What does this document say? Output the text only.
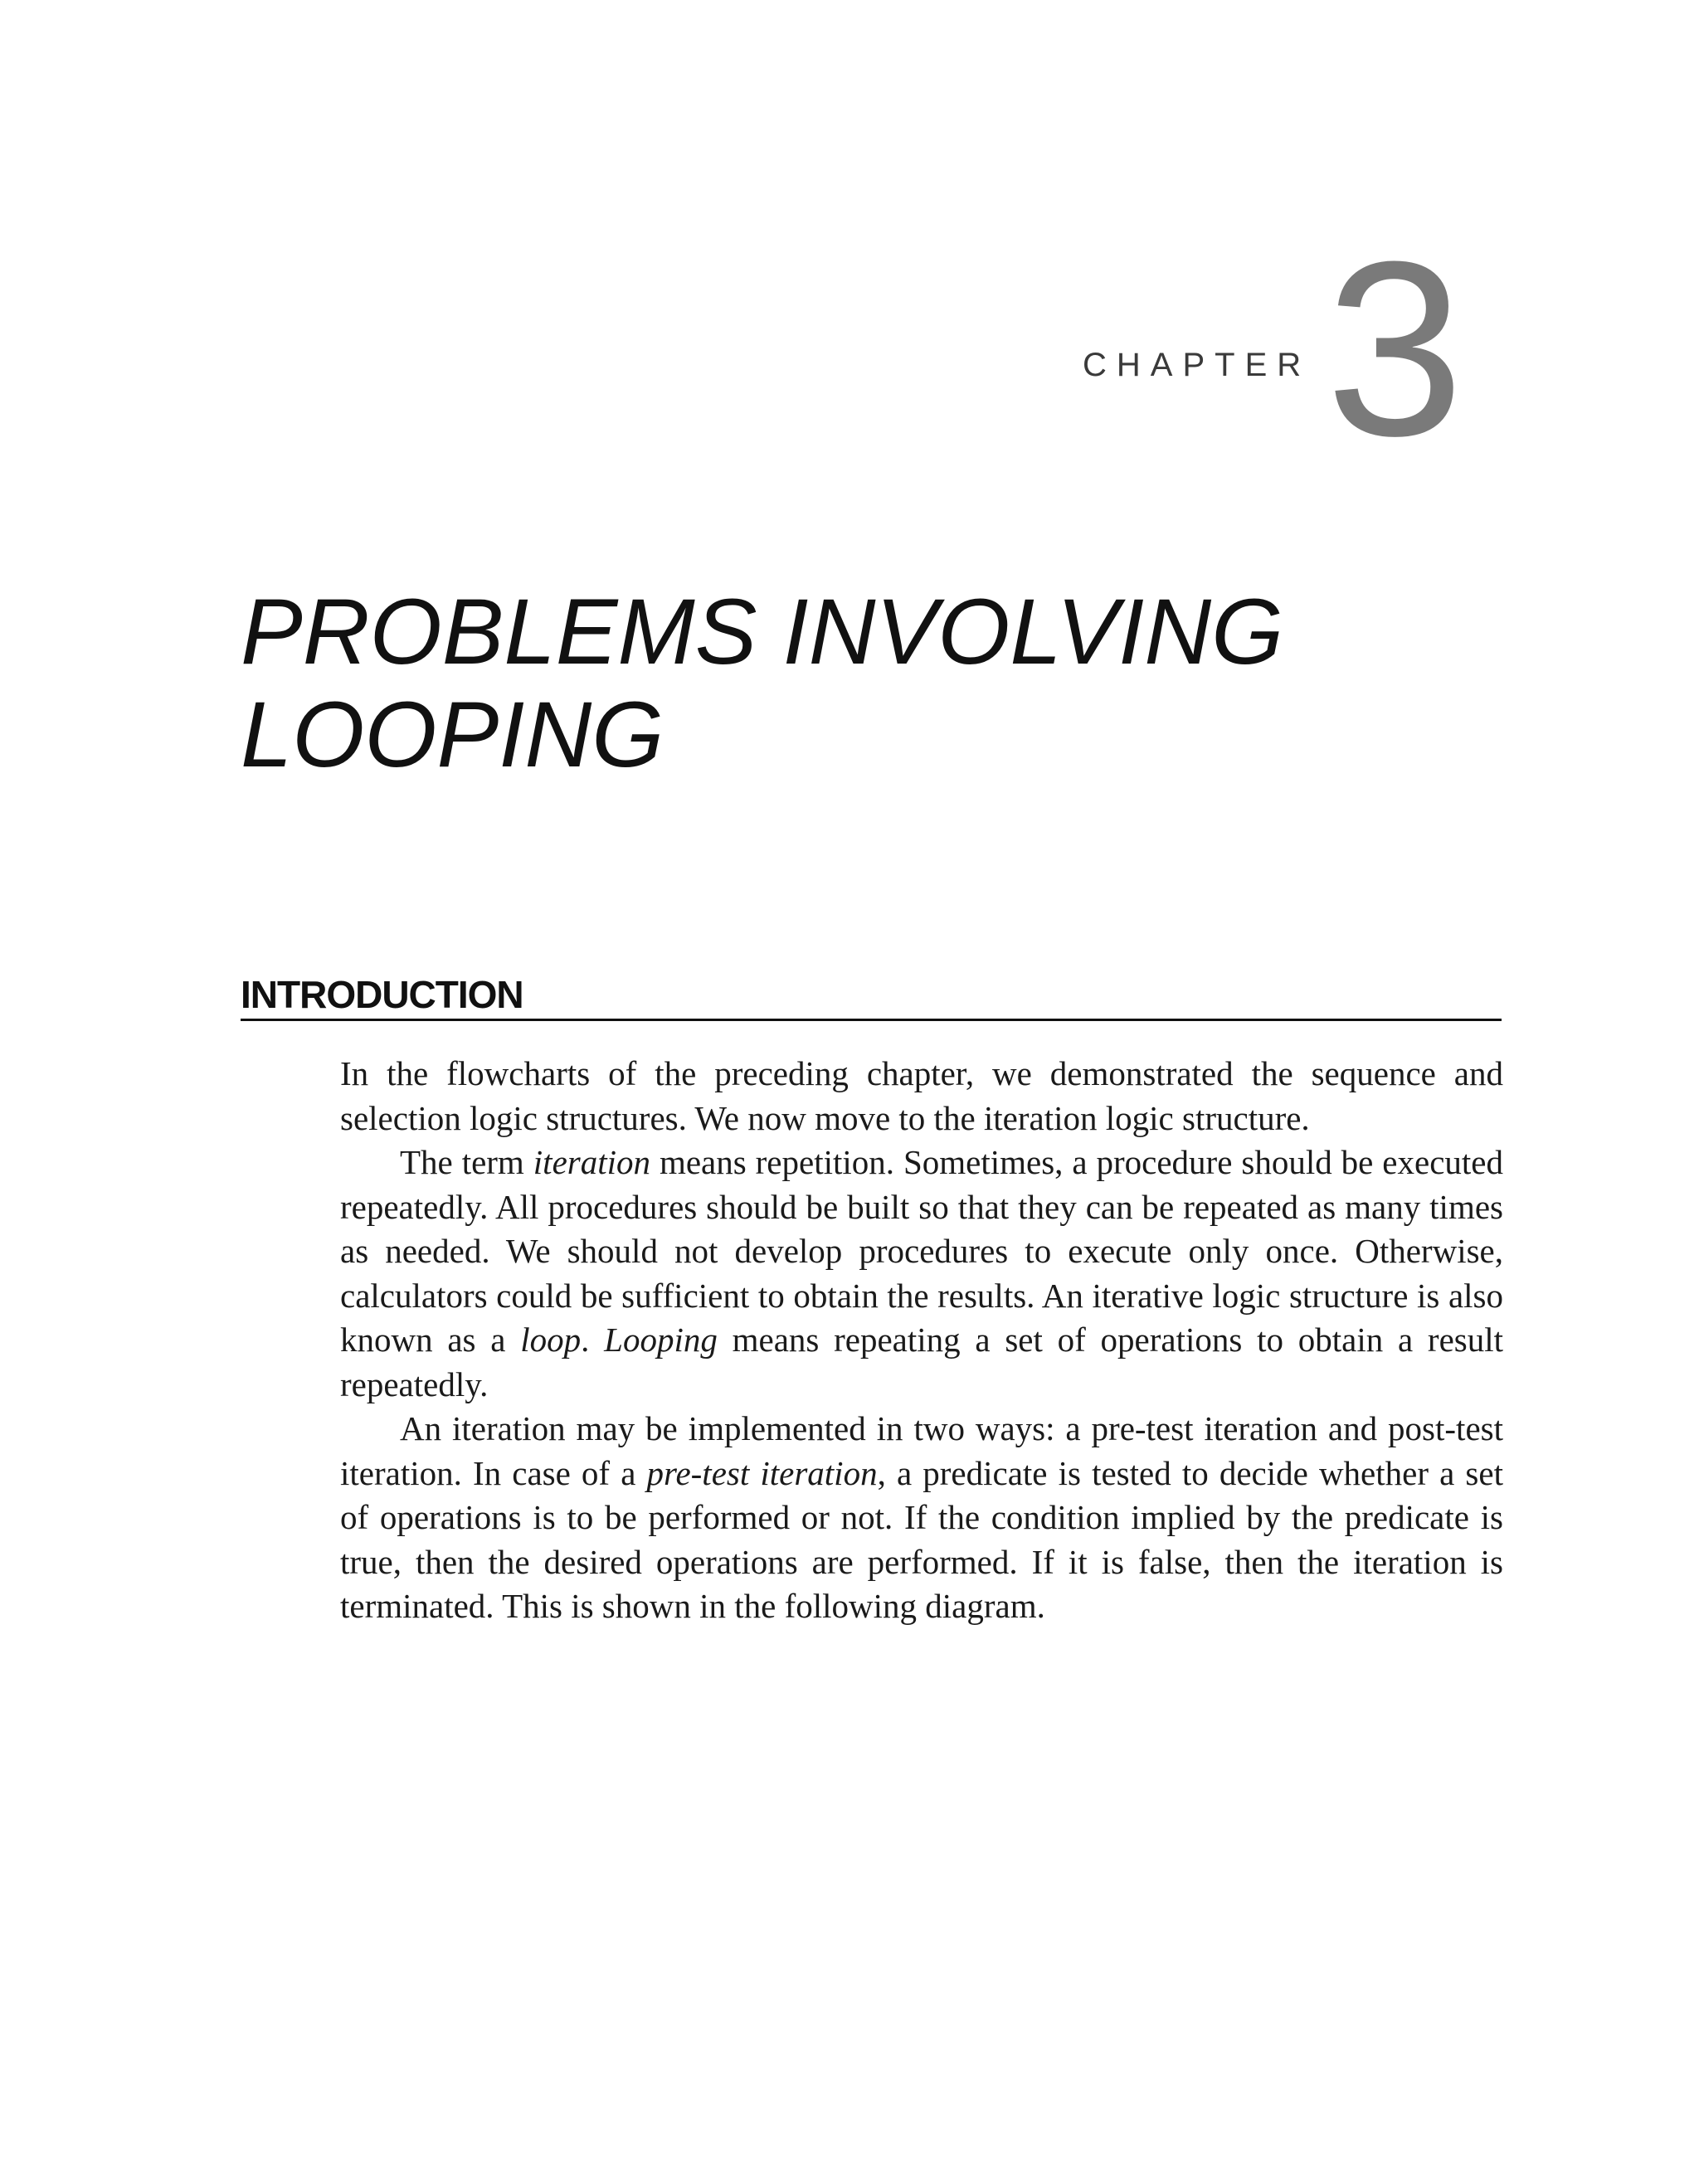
CHAPTER 3
PROBLEMS INVOLVING
LOOPING
INTRODUCTION

In the flowcharts of the preceding chapter, we demonstrated the sequence and selection logic structures. We now move to the iteration logic structure.

The term iteration means repetition. Sometimes, a procedure should be executed repeatedly. All procedures should be built so that they can be repeated as many times as needed. We should not develop procedures to execute only once. Otherwise, calculators could be sufficient to obtain the results. An iterative logic structure is also known as a loop. Looping means repeating a set of operations to obtain a result repeatedly.

An iteration may be implemented in two ways: a pre-test iteration and post-test iteration. In case of a pre-test iteration, a predicate is tested to decide whether a set of operations is to be performed or not. If the condition implied by the predicate is true, then the desired operations are performed. If it is false, then the iteration is terminated. This is shown in the following diagram.
